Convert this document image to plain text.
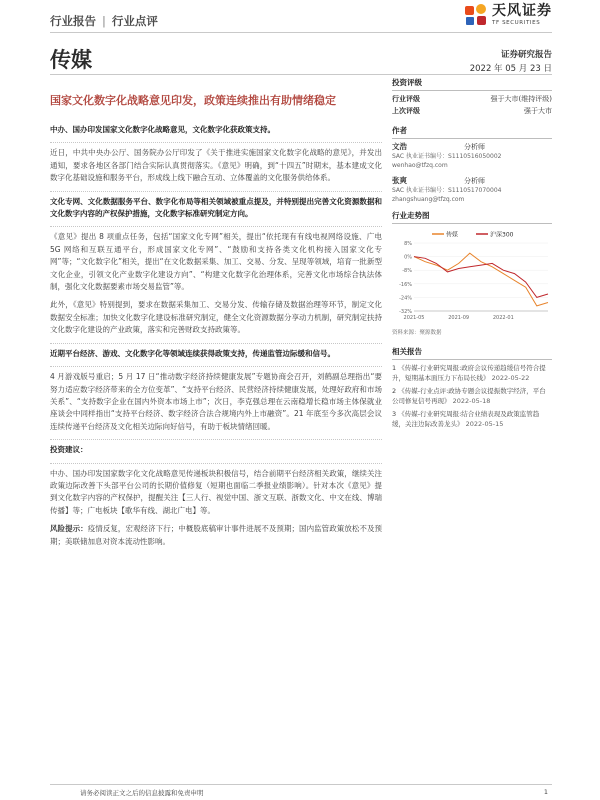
行业报告 | 行业点评
天风证券
TF SECURITIES
传媒	证券研究报告
2022 年 05 月 23 日
国家文化数字化战略意见印发，政策连续推出有助情绪稳定

中办、国办印发国家文化数字化战略意见，文化数字化获政策支持。

近日，中共中央办公厅、国务院办公厅印发了《关于推进实施国家文化数字化战略的意见》，并发出通知，要求各地区各部门结合实际认真贯彻落实。《意见》明确，到“十四五”时期末，基本建成文化数字化基础设施和服务平台，形成线上线下融合互动、立体覆盖的文化服务供给体系。

文化专网、文化数据服务平台、数字化布局等相关领域被重点提及，并特别提出完善文化资源数据和文化数字内容的产权保护措施，文化数字标准研究制定方向。

《意见》提出 8 项重点任务，包括“国家文化专网”相关，提出“依托现有有线电视网络设施、广电 5G 网络和互联互通平台，形成国家文化专网”、“鼓励和支持各类文化机构接入国家文化专网”等；“文化数字化”相关，提出“在文化数据采集、加工、交易、分发、呈现等领域，培育一批新型文化企业，引领文化产业数字化建设方向”、“构建文化数字化治理体系，完善文化市场综合执法体制，强化文化数据要素市场交易监管”等。

此外，《意见》特别提到，要求在数据采集加工、交易分发、传输存储及数据治理等环节，制定文化数据安全标准；加快文化数字化建设标准研究制定，健全文化资源数据分享动力机制，研究制定扶持文化数字化建设的产业政策，落实和完善财政支持政策等。

近期平台经济、游戏、文化数字化等领域连续获得政策支持，传递监管边际缓和信号。

4 月游戏版号重启；5 月 17 日“推动数字经济持续健康发展”专题协商会召开，刘鹤副总理指出“要努力适应数字经济带来的全方位变革”、“支持平台经济、民营经济持续健康发展，处理好政府和市场关系”、“支持数字企业在国内外资本市场上市”；次日，李克强总理在云南稳增长稳市场主体保就业座谈会中同样指出“支持平台经济、数字经济合法合规境内外上市融资”。21 年底至今多次高层会议连续传递平台经济及文化相关边际向好信号，有助于板块情绪回暖。

投资建议：

中办、国办印发国家数字化文化战略意见传递板块积极信号，结合前期平台经济相关政策，继续关注政策边际改善下头部平台公司的长期价值修复（短期也面临二季报业绩影响）。针对本次《意见》提到文化数字内容的产权保护，提醒关注【三人行、视觉中国、浙文互联、浙数文化、中文在线、博瑞传播】等；广电板块【歌华有线、湖北广电】等。

风险提示：疫情反复，宏观经济下行；中概股底稿审计事件进展不及预期；国内监管政策放松不及预期；美联储加息对资本流动性影响。

投资评级
行业评级	强于大市(维持评级)
上次评级	强于大市
作者
文浩	分析师
SAC 执业证书编号：S1110516050002
wenhao@tfzq.com
张爽	分析师
SAC 执业证书编号：S1110517070004
zhangshuang@tfzq.com
行业走势图
传媒	沪深300
8%
0%
-8%
-16%
-24%
-32%
2021-05	2021-09	2022-01
资料来源：聚源数据
相关报告
1 《传媒-行业研究周报:政府会议传递趋缓信号符合提升，短期基本面压力下布局长线》 2022-05-22
2 《传媒-行业点评:政协专题会议提振数字经济，平台公司修复信号再现》 2022-05-18
3 《传媒-行业研究周报:结合业绩表现及政策监管趋缓，关注边际改善龙头》 2022-05-15
请务必阅读正文之后的信息披露和免责申明	1
